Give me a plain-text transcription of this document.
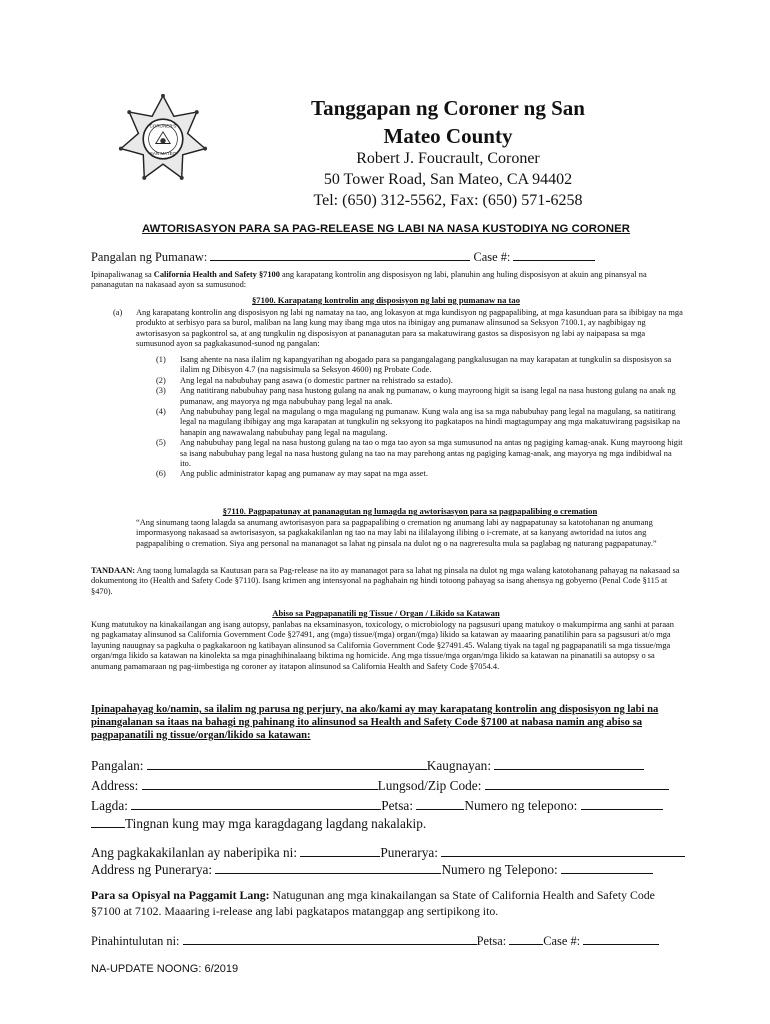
CORONER'S
SAN MATEO
Tanggapan ng Coroner ng San
Mateo County
Robert J. Foucrault, Coroner
50 Tower Road, San Mateo, CA 94402
Tel: (650) 312-5562, Fax: (650) 571-6258
AWTORISASYON PARA SA PAG-RELEASE NG LABI NA NASA KUSTODIYA NG CORONER
Pangalan ng Pumanaw:	Case #:
Ipinapaliwanag sa California Health and Safety §7100 ang karapatang kontrolin ang disposisyon ng labi, planuhin ang huling disposisyon at akuin ang pinansyal na pananagutan na nakasaad ayon sa sumusunod:
§7100. Karapatang kontrolin ang disposisyon ng labi ng pumanaw na tao
(a)	Ang karapatang kontrolin ang disposisyon ng labi ng namatay na tao, ang lokasyon at mga kundisyon ng pagpapalibing, at mga kasunduan para sa ibibigay na mga produkto at serbisyo para sa burol, maliban na lang kung may ibang mga utos na ibinigay ang pumanaw alinsunod sa Seksyon 7100.1, ay nagbibigay ng awtorisasyon sa pagkontrol sa, at ang tungkulin ng disposisyon at pananagutan para sa makatuwirang gastos sa disposisyon ng labi ay naipapasa sa mga sumusunod ayon sa pagkakasunod-sunod ng pangalan:
(1) Isang ahente na nasa ilalim ng kapangyarihan ng abogado para sa pangangalagang pangkalusugan na may karapatan at tungkulin sa disposisyon sa ilalim ng Dibisyon 4.7 (na nagsisimula sa Seksyon 4600) ng Probate Code.
(2) Ang legal na nabubuhay pang asawa (o domestic partner na rehistrado sa estado).
(3) Ang natitirang nabubuhay pang nasa hustong gulang na anak ng pumanaw, o kung mayroong higit sa isang legal na nasa hustong gulang na anak ng pumanaw, ang mayorya ng mga nabubuhay pang legal na anak.
(4) Ang nabubuhay pang legal na magulang o mga magulang ng pumanaw. Kung wala ang isa sa mga nabubuhay pang legal na magulang, sa natitirang legal na magulang ibibigay ang mga karapatan at tungkulin ng seksyong ito pagkatapos na hindi magtagumpay ang mga makatuwirang pagsisikap na hanapin ang nawawalang nabubuhay pang legal na magulang.
(5) Ang nabubuhay pang legal na nasa hustong gulang na tao o mga tao ayon sa mga sumusunod na antas ng pagiging kamag-anak. Kung mayroong higit sa isang nabubuhay pang legal na nasa hustong gulang na tao na may parehong antas ng pagiging kamag-anak, ang mayorya ng mga indibidwal na ito.
(6) Ang public administrator kapag ang pumanaw ay may sapat na mga asset.
§7110. Pagpapatunay at pananagutan ng lumagda ng awtorisasyon para sa pagpapalibing o cremation
“Ang sinumang taong lalagda sa anumang awtorisasyon para sa pagpapalibing o cremation ng anumang labi ay nagpapatunay sa katotohanan ng anumang impormasyong nakasaad sa awtorisasyon, sa pagkakakilanlan ng tao na may labi na ililalayong ilibing o i-cremate, at sa kanyang awtoridad na iutos ang pagpapalibing o cremation. Siya ang personal na mananagot sa lahat ng pinsala na dulot ng o na nagreresulta mula sa paglabag ng naturang pagpapatunay.”
TANDAAN: Ang taong lumalagda sa Kautusan para sa Pag-release na ito ay mananagot para sa lahat ng pinsala na dulot ng mga walang katotohanang pahayag na nakasaad sa dokumentong ito (Health and Safety Code §7110). Isang krimen ang intensyonal na paghahain ng hindi totoong pahayag sa isang ahensya ng gobyerno (Penal Code §115 at §470).
Abiso sa Pagpapanatili ng Tissue / Organ / Likido sa Katawan
Kung matutukoy na kinakailangan ang isang autopsy, panlabas na eksaminasyon, toxicology, o microbiology na pagsusuri upang matukoy o makumpirma ang sanhi at paraan ng pagkamatay alinsunod sa California Government Code §27491, ang (mga) tissue/(mga) organ/(mga) likido sa katawan ay maaaring panatilihin para sa pagsusuri at/o mga layuning nauugnay sa pagkuha o pagkakaroon ng katibayan alinsunod sa California Government Code §27491.45. Walang tiyak na tagal ng pagpapanatili sa mga tissue/mga organ/mga likido sa katawan na kinolekta sa mga pinaghihinalaang biktima ng homicide. Ang mga tissue/mga organ/mga likido sa katawan na pinanatili sa autopsy o sa anumang pamamaraan ng pag-iimbestiga ng coroner ay itatapon alinsunod sa California Health and Safety Code §7054.4.
Ipinapahayag ko/namin, sa ilalim ng parusa ng perjury, na ako/kami ay may karapatang kontrolin ang disposisyon ng labi na pinangalanan sa itaas na bahagi ng pahinang ito alinsunod sa Health and Safety Code §7100 at nabasa namin ang abiso sa pagpapanatili ng tissue/organ/likido sa katawan:
Pangalan:	Kaugnayan:
Address:	Lungsod/Zip Code:
Lagda:	Petsa:	Numero ng telepono:
Tingnan kung may mga karagdagang lagdang nakalakip.
Ang pagkakakilanlan ay naberipika ni:	Punerarya:
Address ng Punerarya:	Numero ng Telepono:
Para sa Opisyal na Paggamit Lang: Natugunan ang mga kinakailangan sa State of California Health and Safety Code §7100 at 7102. Maaaring i-release ang labi pagkatapos matanggap ang sertipikong ito.
Pinahintulutan ni:	Petsa:	Case #:
NA-UPDATE NOONG: 6/2019
